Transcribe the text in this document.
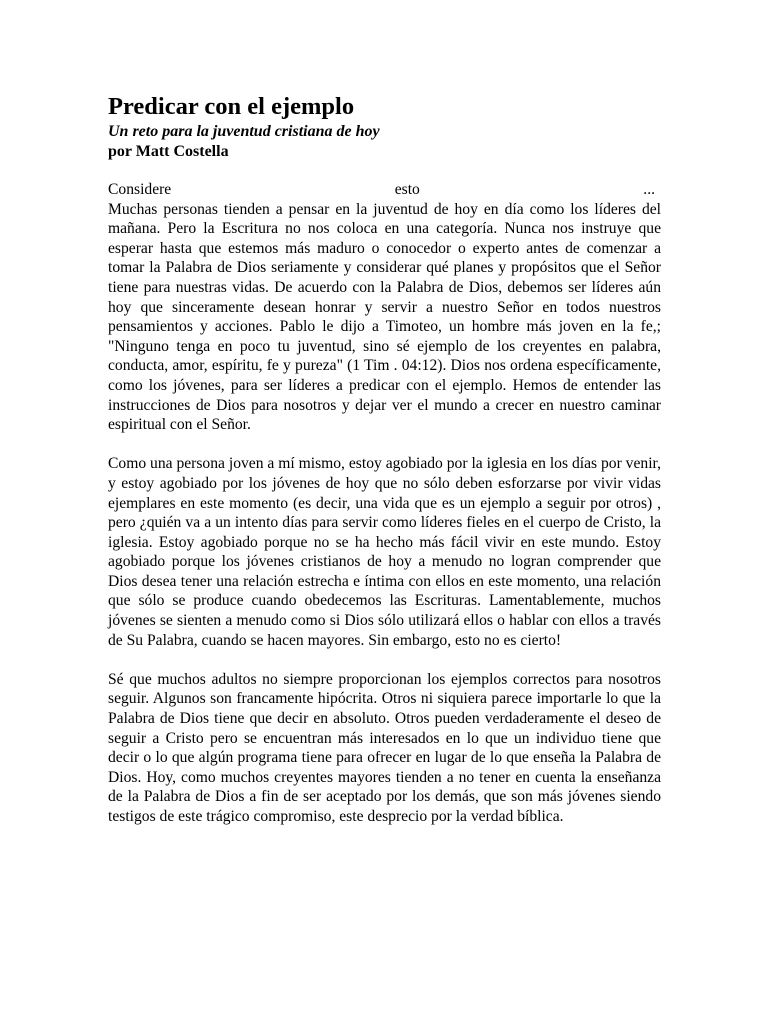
Predicar con el ejemplo
Un reto para la juventud cristiana de hoy
por Matt Costella
Considere	esto	...
Muchas personas tienden a pensar en la juventud de hoy en día como los líderes del mañana. Pero la Escritura no nos coloca en una categoría. Nunca nos instruye que esperar hasta que estemos más maduro o conocedor o experto antes de comenzar a tomar la Palabra de Dios seriamente y considerar qué planes y propósitos que el Señor tiene para nuestras vidas. De acuerdo con la Palabra de Dios, debemos ser líderes aún hoy que sinceramente desean honrar y servir a nuestro Señor en todos nuestros pensamientos y acciones. Pablo le dijo a Timoteo, un hombre más joven en la fe,; "Ninguno tenga en poco tu juventud, sino sé ejemplo de los creyentes en palabra, conducta, amor, espíritu, fe y pureza" (1 Tim . 04:12). Dios nos ordena específicamente, como los jóvenes, para ser líderes a predicar con el ejemplo. Hemos de entender las instrucciones de Dios para nosotros y dejar ver el mundo a crecer en nuestro caminar espiritual con el Señor.
Como una persona joven a mí mismo, estoy agobiado por la iglesia en los días por venir, y estoy agobiado por los jóvenes de hoy que no sólo deben esforzarse por vivir vidas ejemplares en este momento (es decir, una vida que es un ejemplo a seguir por otros) , pero ¿quién va a un intento días para servir como líderes fieles en el cuerpo de Cristo, la iglesia. Estoy agobiado porque no se ha hecho más fácil vivir en este mundo. Estoy agobiado porque los jóvenes cristianos de hoy a menudo no logran comprender que Dios desea tener una relación estrecha e íntima con ellos en este momento, una relación que sólo se produce cuando obedecemos las Escrituras. Lamentablemente, muchos jóvenes se sienten a menudo como si Dios sólo utilizará ellos o hablar con ellos a través de Su Palabra, cuando se hacen mayores. Sin embargo, esto no es cierto!
Sé que muchos adultos no siempre proporcionan los ejemplos correctos para nosotros seguir. Algunos son francamente hipócrita. Otros ni siquiera parece importarle lo que la Palabra de Dios tiene que decir en absoluto. Otros pueden verdaderamente el deseo de seguir a Cristo pero se encuentran más interesados en lo que un individuo tiene que decir o lo que algún programa tiene para ofrecer en lugar de lo que enseña la Palabra de Dios. Hoy, como muchos creyentes mayores tienden a no tener en cuenta la enseñanza de la Palabra de Dios a fin de ser aceptado por los demás, que son más jóvenes siendo testigos de este trágico compromiso, este desprecio por la verdad bíblica.
